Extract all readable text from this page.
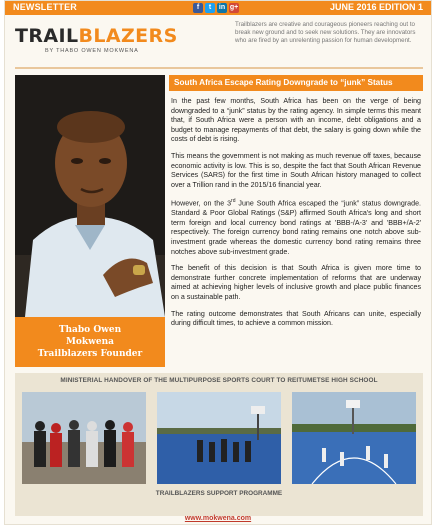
NEWSLETTER	f	t	in g+	JUNE 2016 EDITION 1
TRAILBLAZERS
BY THABO OWEN MOKWENA
Trailblazers are creative and courageous pioneers reaching out to break new ground and to seek new solutions. They are innovators who are fired by an unrelenting passion for human development.
Thabo Owen
Mokwena
Trailblazers Founder
South Africa Escape Rating Downgrade to “junk” Status

In the past few months, South Africa has been on the verge of being downgraded to a “junk” status by the rating agency. In simple terms this meant that, if South Africa were a person with an income, debt obligations and a budget to manage repayments of that debt, the salary is going down while the costs of debt is rising.

This means the government is not making as much revenue off taxes, because economic activity is low. This is so, despite the fact that South African Revenue Services (SARS) for the first time in South African history managed to collect over a Trillion rand in the 2015/16 financial year.

However, on the 3rd June South Africa escaped the “junk” status downgrade. Standard & Poor Global Ratings (S&P) affirmed South Africa's long and short term foreign and local currency bond ratings at 'BBB-/A-3' and 'BBB+/A-2' respectively. The foreign currency bond rating remains one notch above sub-investment grade whereas the domestic currency bond rating remains three notches above sub-investment grade.

The benefit of this decision is that South Africa is given more time to demonstrate further concrete implementation of reforms that are underway aimed at achieving higher levels of inclusive growth and place public finances on a sustainable path.

The rating outcome demonstrates that South Africans can unite, especially during difficult times, to achieve a common mission.

MINISTERIAL HANDOVER OF THE MULTIPURPOSE SPORTS COURT TO REITUMETSE HIGH SCHOOL
TRAILBLAZERS SUPPORT PROGRAMME
www.mokwena.com
